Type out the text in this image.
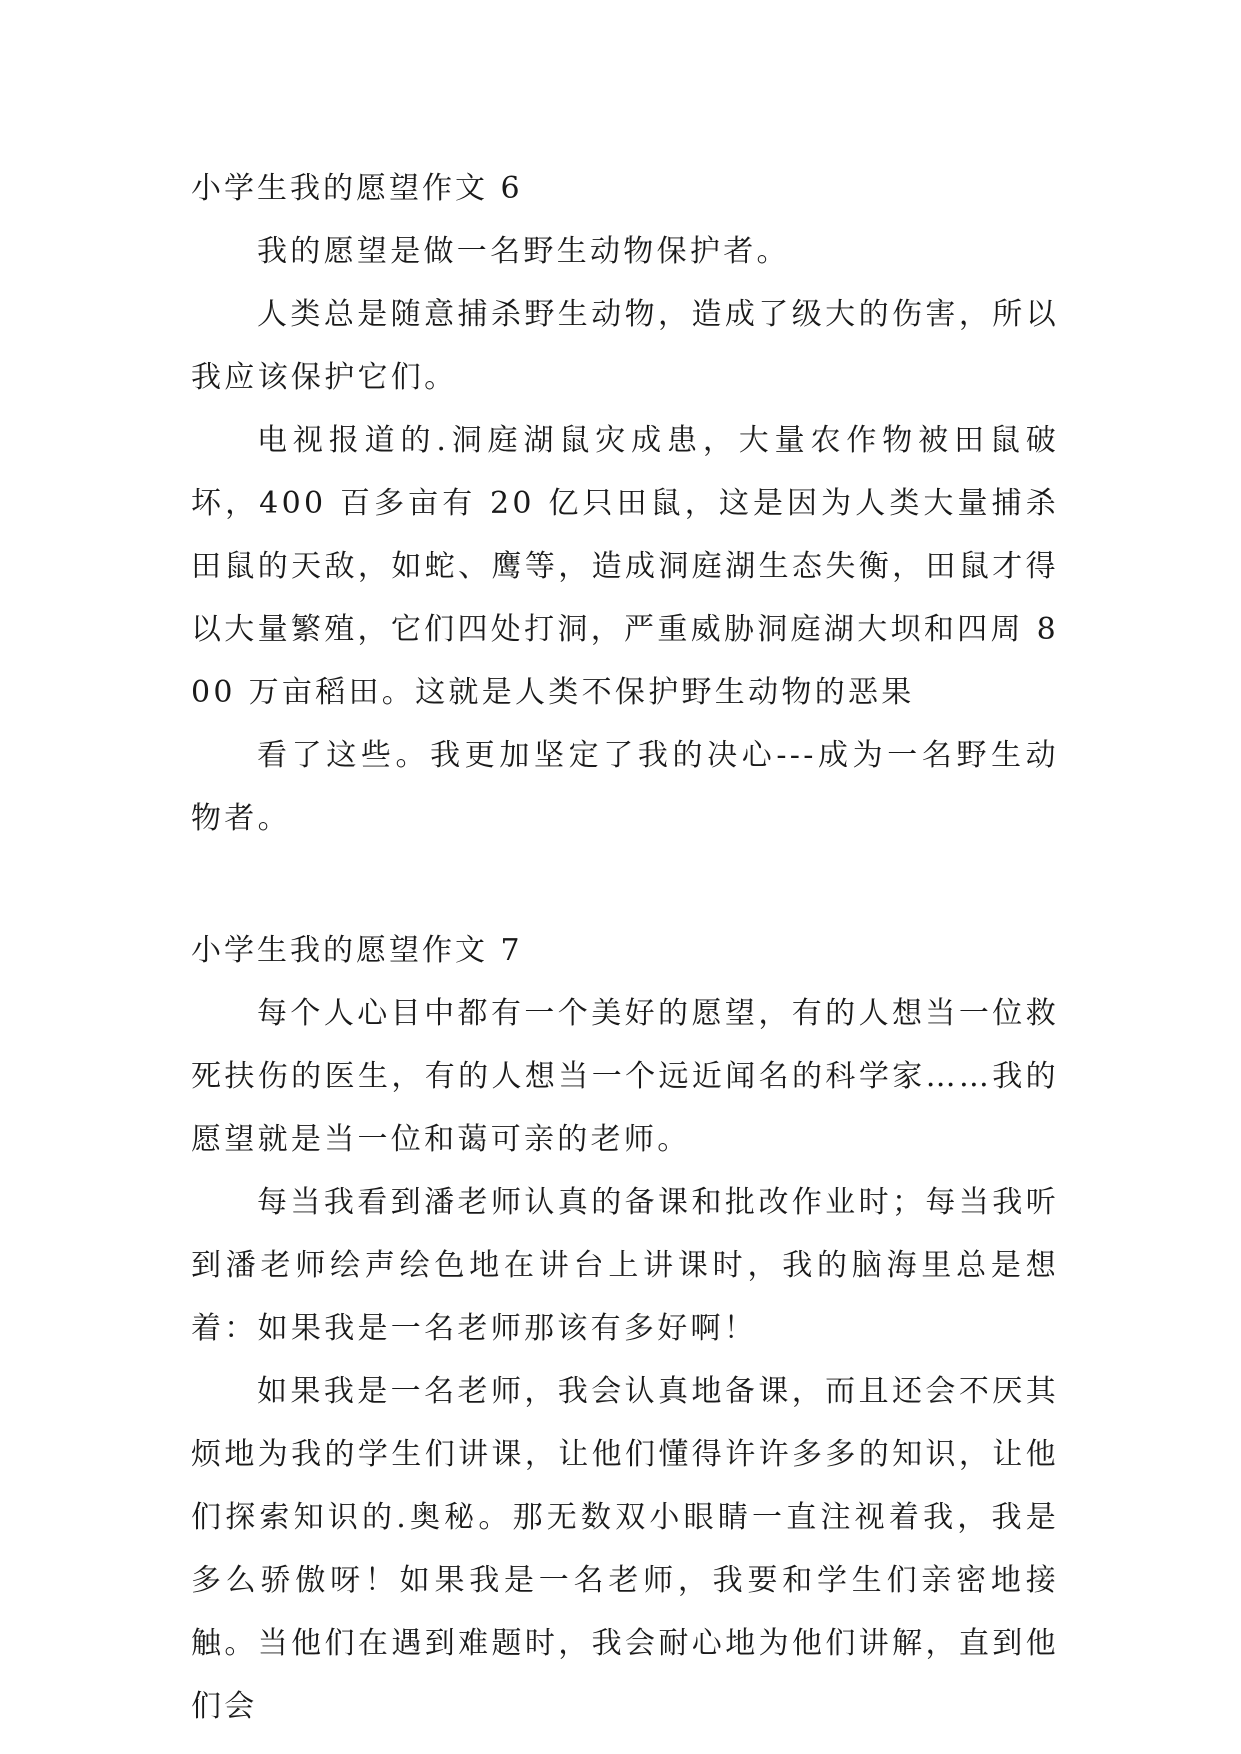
小学生我的愿望作文 6

我的愿望是做一名野生动物保护者。

人类总是随意捕杀野生动物，造成了级大的伤害，所以我应该保护它们。

电视报道的.洞庭湖鼠灾成患，大量农作物被田鼠破坏，400 百多亩有 20 亿只田鼠，这是因为人类大量捕杀田鼠的天敌，如蛇、鹰等，造成洞庭湖生态失衡，田鼠才得以大量繁殖，它们四处打洞，严重威胁洞庭湖大坝和四周 800 万亩稻田。这就是人类不保护野生动物的恶果

看了这些。我更加坚定了我的决心---成为一名野生动物者。

小学生我的愿望作文 7

每个人心目中都有一个美好的愿望，有的人想当一位救死扶伤的医生，有的人想当一个远近闻名的科学家……我的愿望就是当一位和蔼可亲的老师。

每当我看到潘老师认真的备课和批改作业时；每当我听到潘老师绘声绘色地在讲台上讲课时，我的脑海里总是想着：如果我是一名老师那该有多好啊！

如果我是一名老师，我会认真地备课，而且还会不厌其烦地为我的学生们讲课，让他们懂得许许多多的知识，让他们探索知识的.奥秘。那无数双小眼睛一直注视着我，我是多么骄傲呀！如果我是一名老师，我要和学生们亲密地接触。当他们在遇到难题时，我会耐心地为他们讲解，直到他们会
